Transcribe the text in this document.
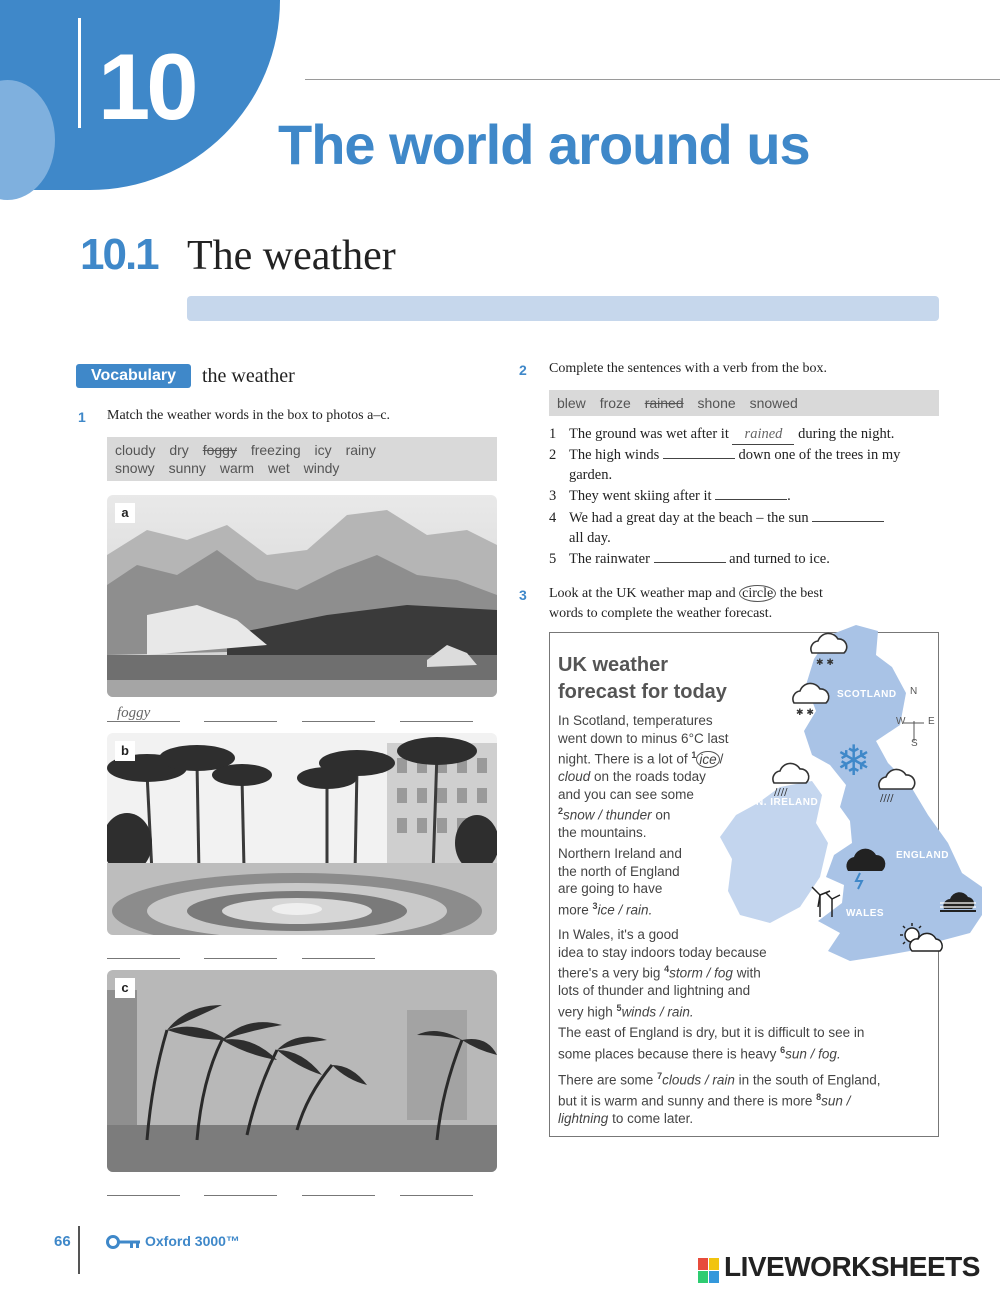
10
The world around us
10.1 The weather
Vocabulary	the weather
1 Match the weather words in the box to photos a–c.
cloudy dry foggy freezing icy rainy
snowy sunny warm wet windy
a
foggy
b
c
2 Complete the sentences with a verb from the box.
blew froze rained shone snowed
1 The ground was wet after it rained during the night.
2 The high winds	down one of the trees in my
garden.
3 They went skiing after it	.
4 We had a great day at the beach – the sun
all day.
5 The rainwater	and turned to ice.
3 Look at the UK weather map and circle the best
words to complete the weather forecast.
✱ ✱
✱ ✱
❄
////
////
SCOTLAND
N. IRELAND
ENGLAND
WALES
N
W E
S
UK weather
forecast for today
In Scotland, temperatures
went down to minus 6°C last
night. There is a lot of $^1$ ice /
cloud on the roads today
and you can see some
$^2$snow / thunder on
the mountains.
Northern Ireland and
the north of England
are going to have
more $^3$ice / rain.
In Wales, it's a good
idea to stay indoors today because
there's a very big $^4$storm / fog with
lots of thunder and lightning and
very high $^5$winds / rain.
The east of England is dry, but it is difficult to see in
some places because there is heavy $^6$sun / fog.
There are some $^7$clouds / rain in the south of England,
but it is warm and sunny and there is more $^8$sun /
lightning to come later.
66	Oxford 3000™
LIVEWORKSHEETS
